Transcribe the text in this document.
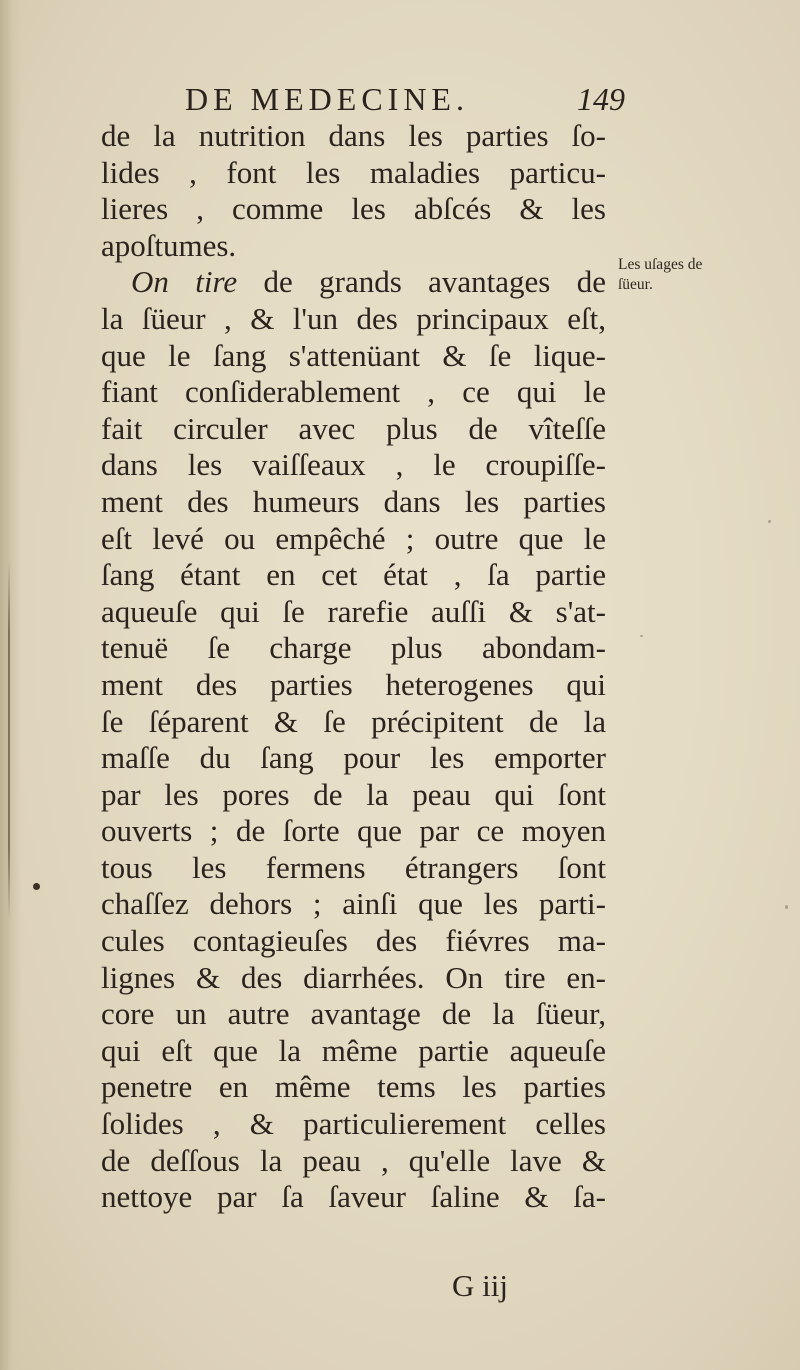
DE MEDECINE.	149
Les uſages de
ſüeur.
de la nutrition dans les parties ſo-
lides , font les maladies particu-
lieres , comme les abſcés & les
apoſtumes.
On tire de grands avantages de
la ſüeur , & l'un des principaux eſt,
que le ſang s'attenüant & ſe lique-
fiant conſiderablement , ce qui le
fait circuler avec plus de vîteſſe
dans les vaiſſeaux , le croupiſſe-
ment des humeurs dans les parties
eſt levé ou empêché ; outre que le
ſang étant en cet état , ſa partie
aqueuſe qui ſe rarefie auſſi & s'at-
tenuë ſe charge plus abondam-
ment des parties heterogenes qui
ſe ſéparent & ſe précipitent de la
maſſe du ſang pour les emporter
par les pores de la peau qui ſont
ouverts ; de ſorte que par ce moyen
tous les fermens étrangers ſont
chaſſez dehors ; ainſi que les parti-
cules contagieuſes des fiévres ma-
lignes & des diarrhées. On tire en-
core un autre avantage de la ſüeur,
qui eſt que la même partie aqueuſe
penetre en même tems les parties
ſolides , & particulierement celles
de deſſous la peau , qu'elle lave &
nettoye par ſa ſaveur ſaline & ſa-
G iij
